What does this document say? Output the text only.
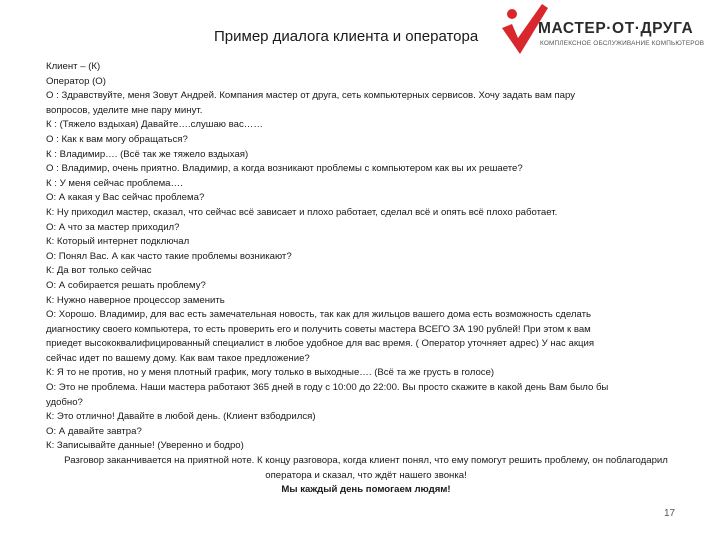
Пример диалога клиента и оператора	МАСТЕР·ОТ·ДРУГА
КОМПЛЕКСНОЕ ОБСЛУЖИВАНИЕ КОМПЬЮТЕРОВ
Клиент – (К)
Оператор (О)
О : Здравствуйте, меня Зовут Андрей. Компания мастер от друга, сеть компьютерных сервисов. Хочу задать вам пару
вопросов, уделите мне пару минут.
К : (Тяжело вздыхая) Давайте….слушаю вас……
О : Как к вам могу обращаться?
К : Владимир…. (Всё так же тяжело вздыхая)
О : Владимир, очень приятно. Владимир, а когда возникают проблемы с компьютером как вы их решаете?
К : У меня сейчас проблема….
О: А какая у Вас сейчас проблема?
К: Ну приходил мастер, сказал, что сейчас всё зависает и плохо работает, сделал всё и опять всё плохо работает.
О: А что за мастер приходил?
К: Который интернет подключал
О: Понял Вас. А как часто такие проблемы возникают?
К: Да вот только сейчас
О: А собирается решать проблему?
К: Нужно наверное процессор заменить
О: Хорошо. Владимир, для вас есть замечательная новость, так как для жильцов вашего дома есть возможность сделать
диагностику своего компьютера, то есть проверить его и получить советы мастера ВСЕГО ЗА 190 рублей! При этом к вам
приедет высококвалифицированный специалист в любое удобное для вас время. ( Оператор уточняет адрес) У нас акция
сейчас идет по вашему дому. Как вам такое предложение?
К: Я то не против, но у меня плотный график, могу только в выходные…. (Всё та же грусть в голосе)
О: Это не проблема. Наши мастера работают 365 дней в году с 10:00 до 22:00. Вы просто скажите в какой день Вам было бы
удобно?
К: Это отлично! Давайте в любой день. (Клиент взбодрился)
О: А давайте завтра?
К: Записывайте данные! (Уверенно и бодро)
Разговор заканчивается на приятной ноте. К концу разговора, когда клиент понял, что ему помогут решить проблему, он поблагодарил оператора и сказал, что ждёт нашего звонка!
Мы каждый день помогаем людям!
17
